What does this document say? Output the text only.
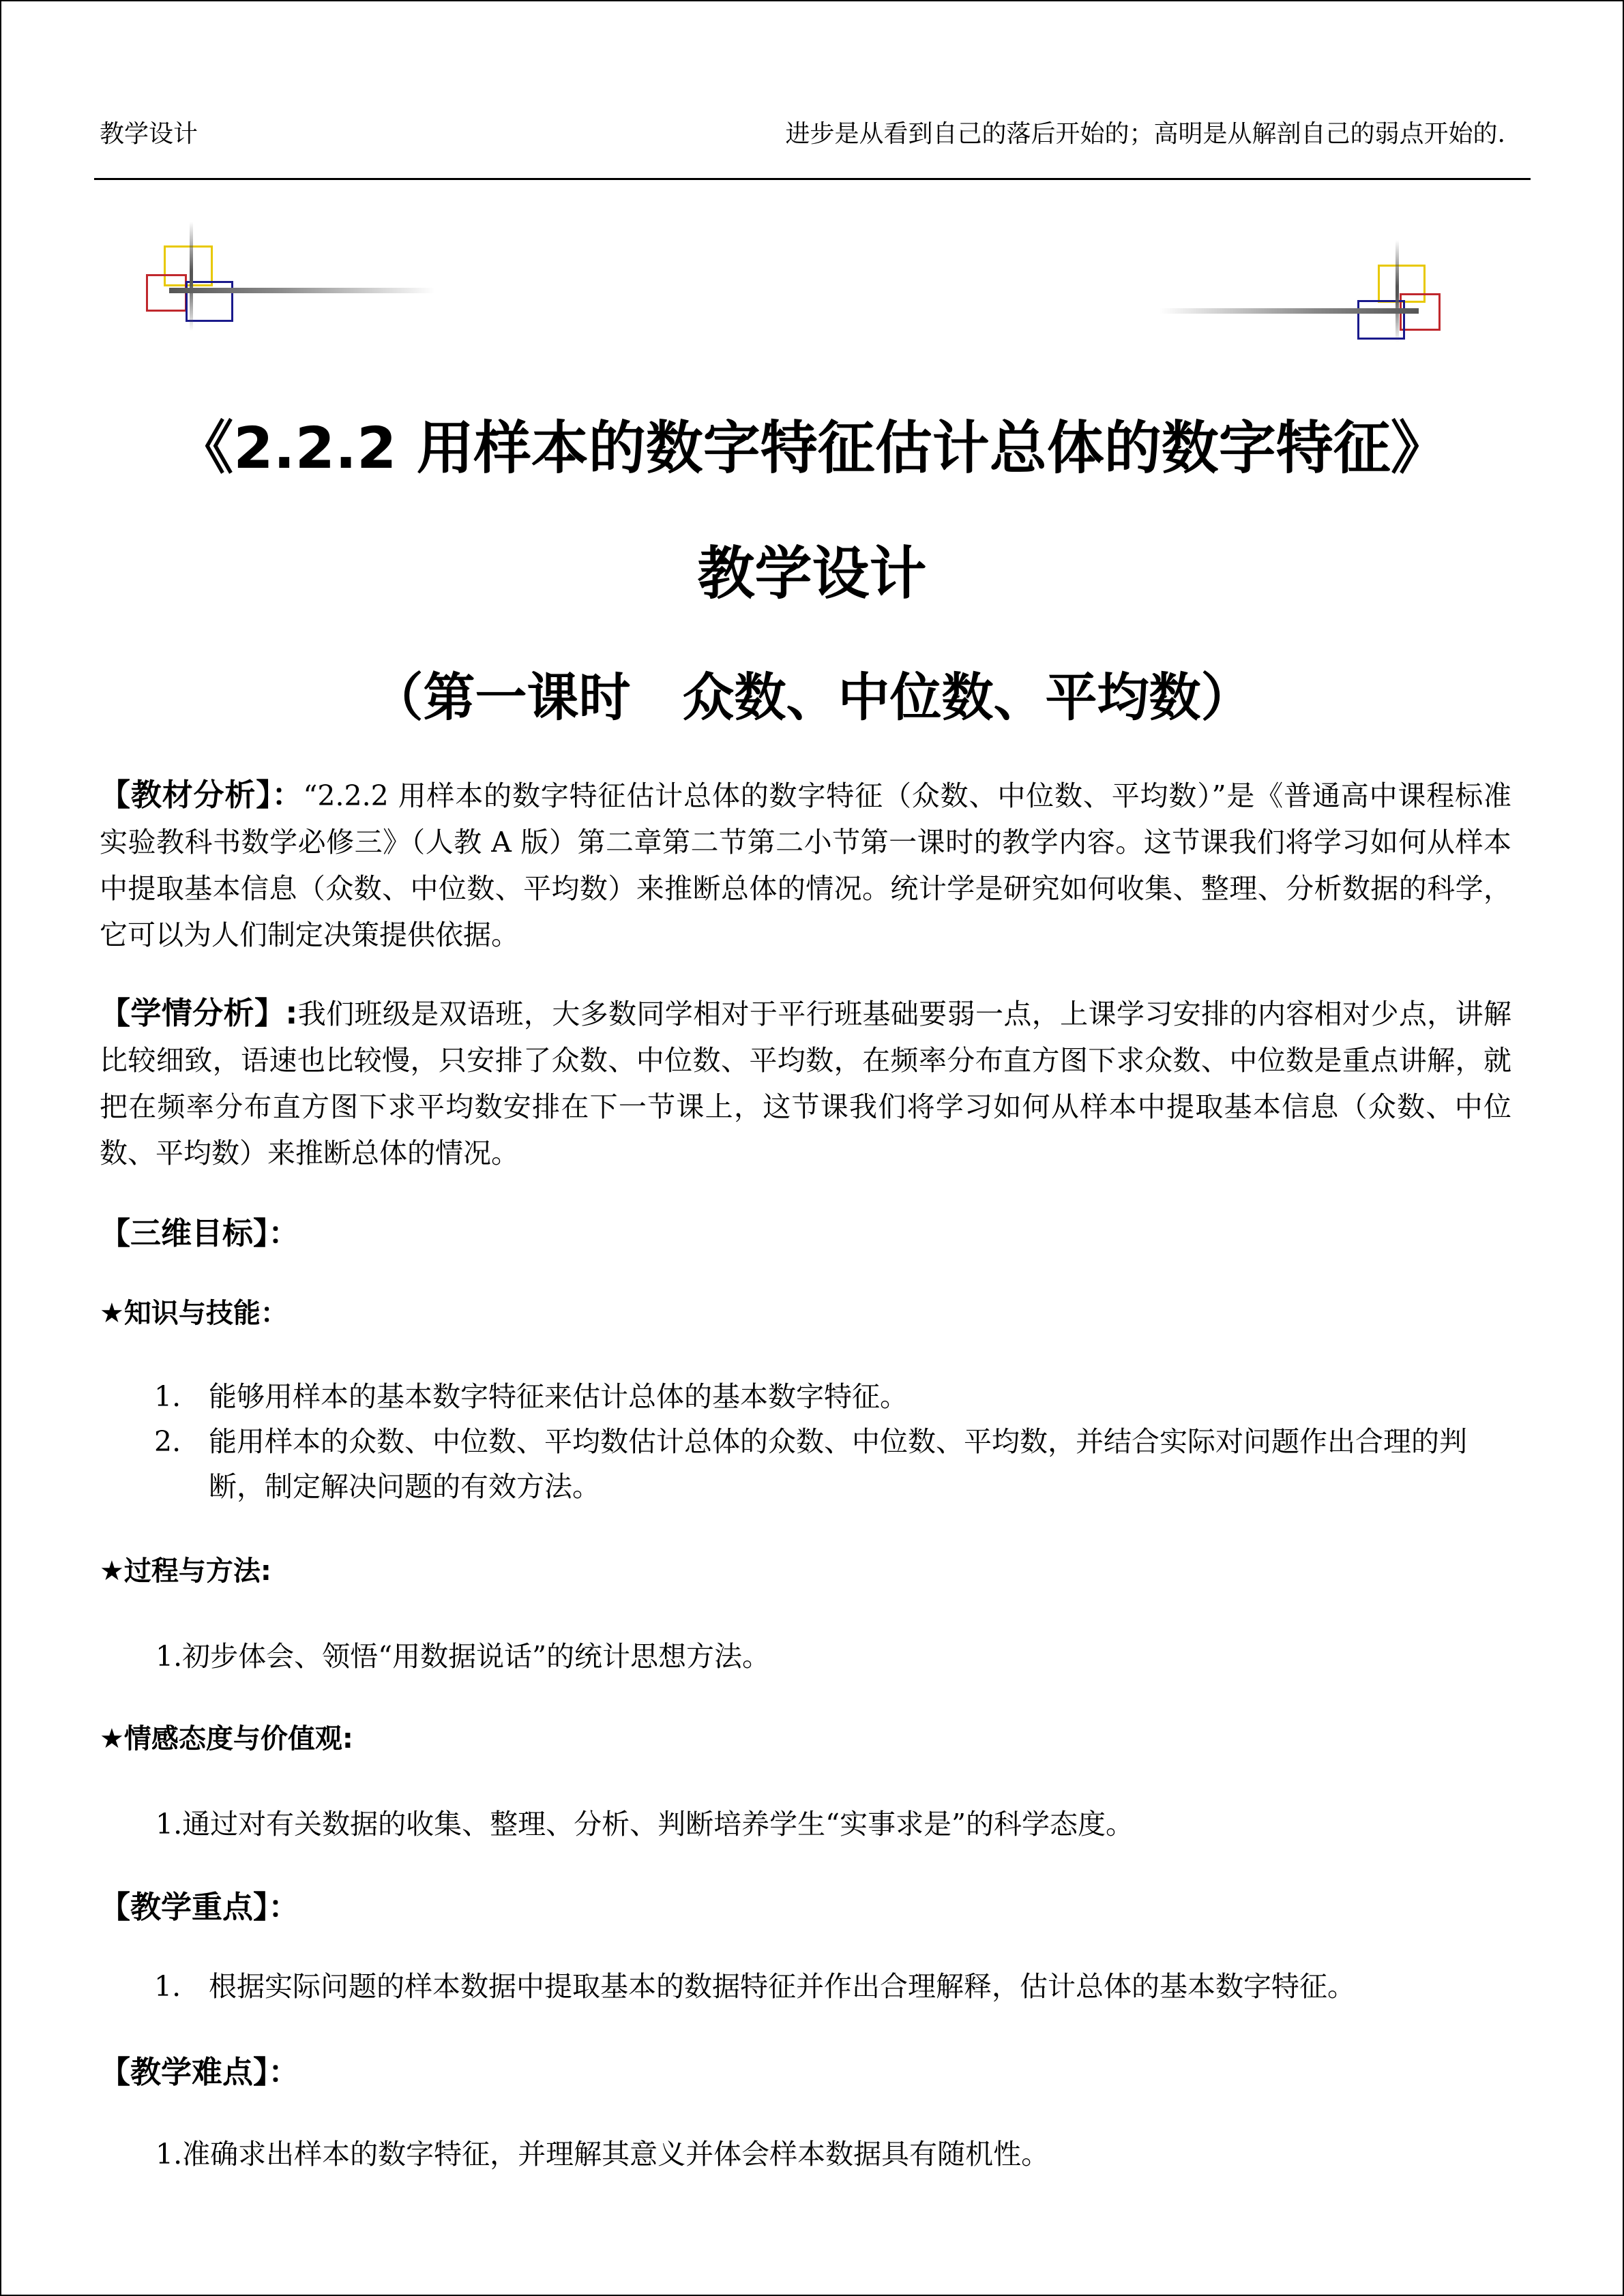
教学设计	进步是从看到自己的落后开始的；高明是从解剖自己的弱点开始的.
《2.2.2 用样本的数字特征估计总体的数字特征》
教学设计
（第一课时　众数、中位数、平均数）
【教材分析】：“2.2.2 用样本的数字特征估计总体的数字特征（众数、中位数、平均数）”是《普通高中课程标准实验教科书数学必修三》（人教 A 版）第二章第二节第二小节第一课时的教学内容。这节课我们将学习如何从样本中提取基本信息（众数、中位数、平均数）来推断总体的情况。统计学是研究如何收集、整理、分析数据的科学，它可以为人们制定决策提供依据。
【学情分析】:我们班级是双语班，大多数同学相对于平行班基础要弱一点，上课学习安排的内容相对少点，讲解比较细致，语速也比较慢，只安排了众数、中位数、平均数，在频率分布直方图下求众数、中位数是重点讲解，就把在频率分布直方图下求平均数安排在下一节课上，这节课我们将学习如何从样本中提取基本信息（众数、中位数、平均数）来推断总体的情况。
【三维目标】：
★知识与技能：
1. 能够用样本的基本数字特征来估计总体的基本数字特征。
2. 能用样本的众数、中位数、平均数估计总体的众数、中位数、平均数，并结合实际对问题作出合理的判断，制定解决问题的有效方法。
★过程与方法:
1.初步体会、领悟“用数据说话”的统计思想方法。
★情感态度与价值观:
1.通过对有关数据的收集、整理、分析、判断培养学生“实事求是”的科学态度。
【教学重点】：
1. 根据实际问题的样本数据中提取基本的数据特征并作出合理解释，估计总体的基本数字特征。
【教学难点】：
1.准确求出样本的数字特征，并理解其意义并体会样本数据具有随机性。
